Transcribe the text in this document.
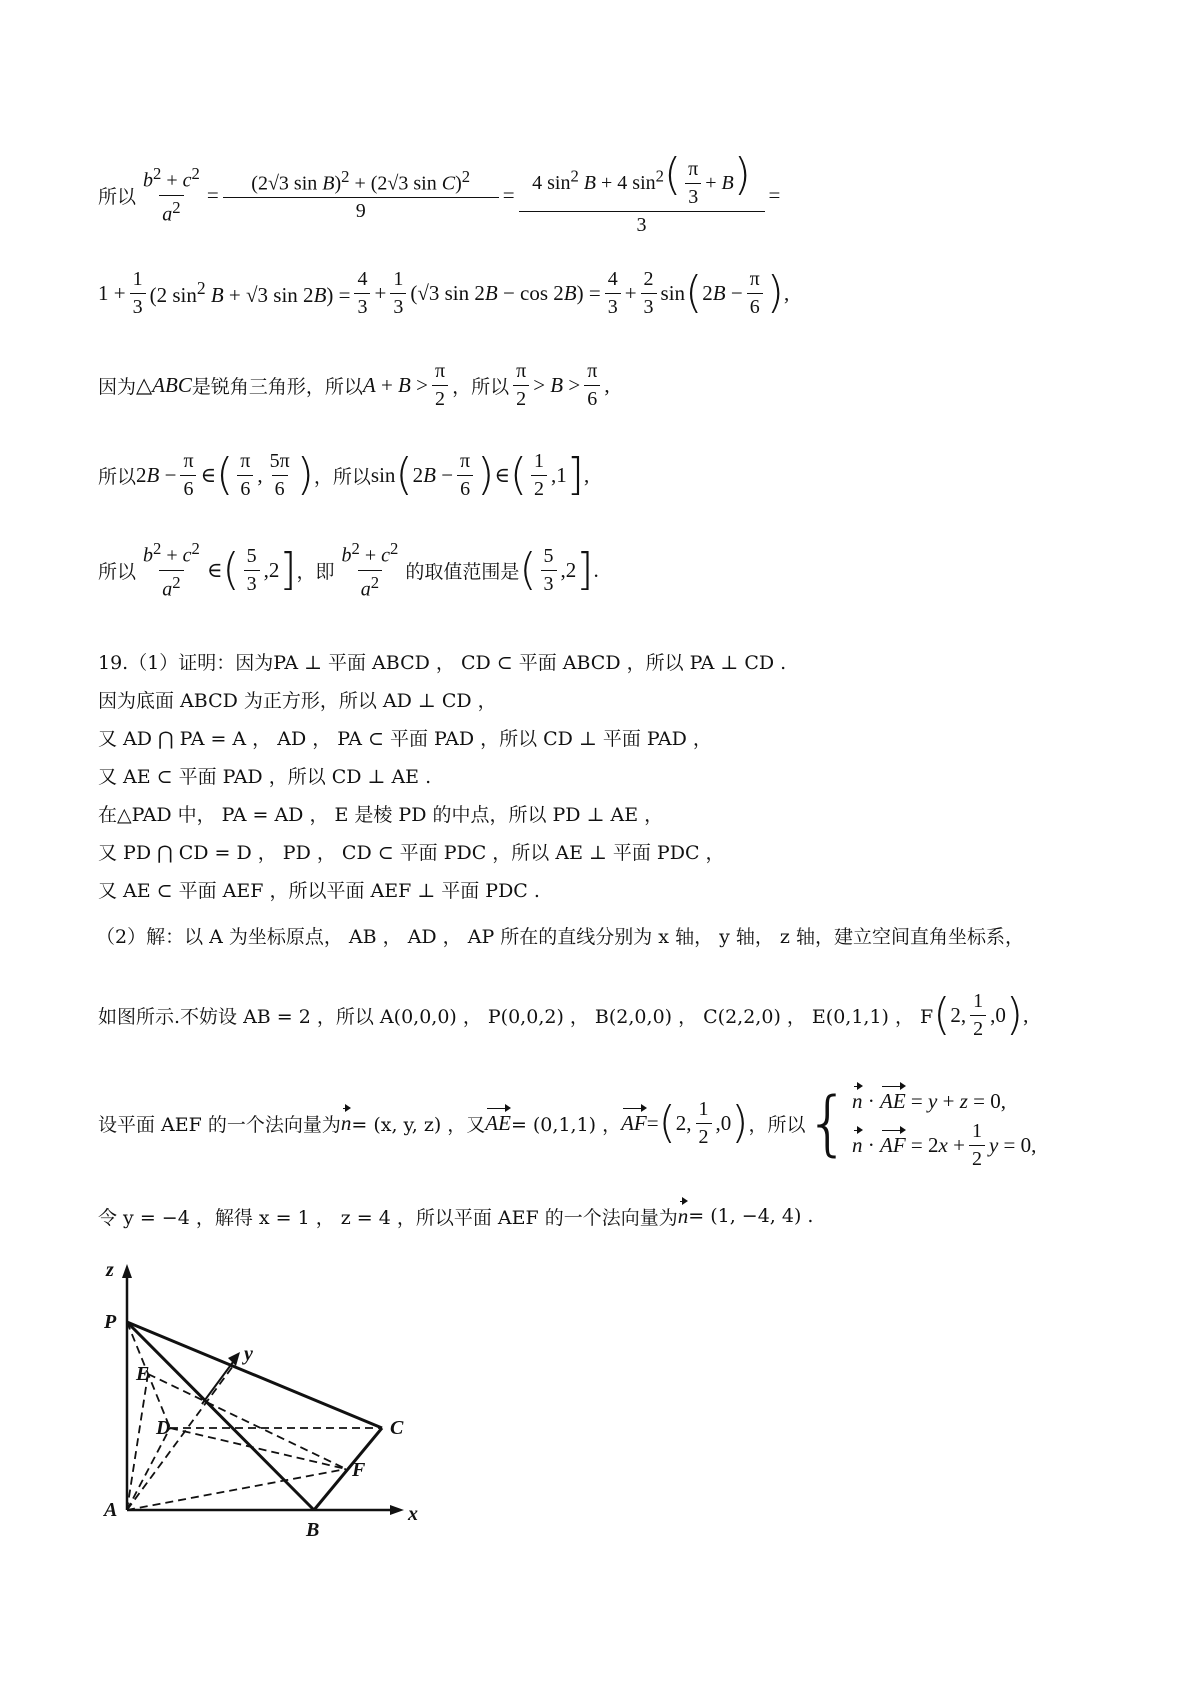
所以 $\frac{b^2 + c^2}{a^2} = \frac{(2√3 \sin B)^2 + (2√3 \sin C)^2}{9} = \frac{4 \sin^2 B + 4 \sin^2( \frac{\pi}{3} + B)}{3}$ =
$1 + \frac{1}{3} (2$ $\sin^2 B + √3$ $\sin 2B) = \frac{4}{3} + \frac{1}{3} (√3$ $\sin 2B - \cos 2B) = \frac{4}{3} + \frac{2}{3}$ sin ( $2B - \frac{\pi}{6}$ ) ,
因为 △ABC 是锐角三角形，所以 $A + B > \frac{\pi}{2}$ ，所以 $\frac{\pi}{2} > B > \frac{\pi}{6}$ ,
所以 $2B - \frac{\pi}{6}$ ∈ ( $\frac{\pi}{6}$ , $\frac{5\pi}{6}$ ) ，所以 sin ( $2B - \frac{\pi}{6}$ ) ∈ ( $\frac{1}{2} ,1$ ] ,
所以 $\frac{b^2 + c^2}{a^2}$ ∈ ( $\frac{5}{3} ,2$ ] ，即 $\frac{b^2 + c^2}{a^2}$ 的取值范围是 ( $\frac{5}{3} ,2$ ] .
19.（1）证明：因为PA ⊥ 平面 ABCD ， CD ⊂ 平面 ABCD ，所以 PA ⊥ CD .
因为底面 ABCD 为正方形，所以 AD ⊥ CD ，
又 AD ⋂ PA = A ， AD ， PA ⊂ 平面 PAD ，所以 CD ⊥ 平面 PAD ，
又 AE ⊂ 平面 PAD ，所以 CD ⊥ AE .
在△PAD 中， PA = AD ， E 是棱 PD 的中点，所以 PD ⊥ AE ，
又 PD ⋂ CD = D ， PD ， CD ⊂ 平面 PDC ，所以 AE ⊥ 平面 PDC ，
又 AE ⊂ 平面 AEF ，所以平面 AEF ⊥ 平面 PDC .
（2）解：以 A 为坐标原点， AB ， AD ， AP 所在的直线分别为 x 轴， y 轴， z 轴，建立空间直角坐标系，
如图所示.不妨设 AB = 2 ，所以 A(0,0,0) ， P(0,0,2) ， B(2,0,0) ， C(2,2,0) ， E(0,1,1) ， F ( 2, $\frac{1}{2} ,0$ ) ,
设平面 AEF 的一个法向量为 n = (x, y, z) ，又 AE = (0,1,1) ， AF = ( 2, $\frac{1}{2} ,0$ ) ，所以 { n · AE = y + z = 0,
n · AF = $2x + \frac{1}{2}$ y = 0,
令 y = −4 ，解得 x = 1 ， z = 4 ，所以平面 AEF 的一个法向量为 n = (1, −4, 4) .
z
P
E
y
D	C
F
A
B
x
